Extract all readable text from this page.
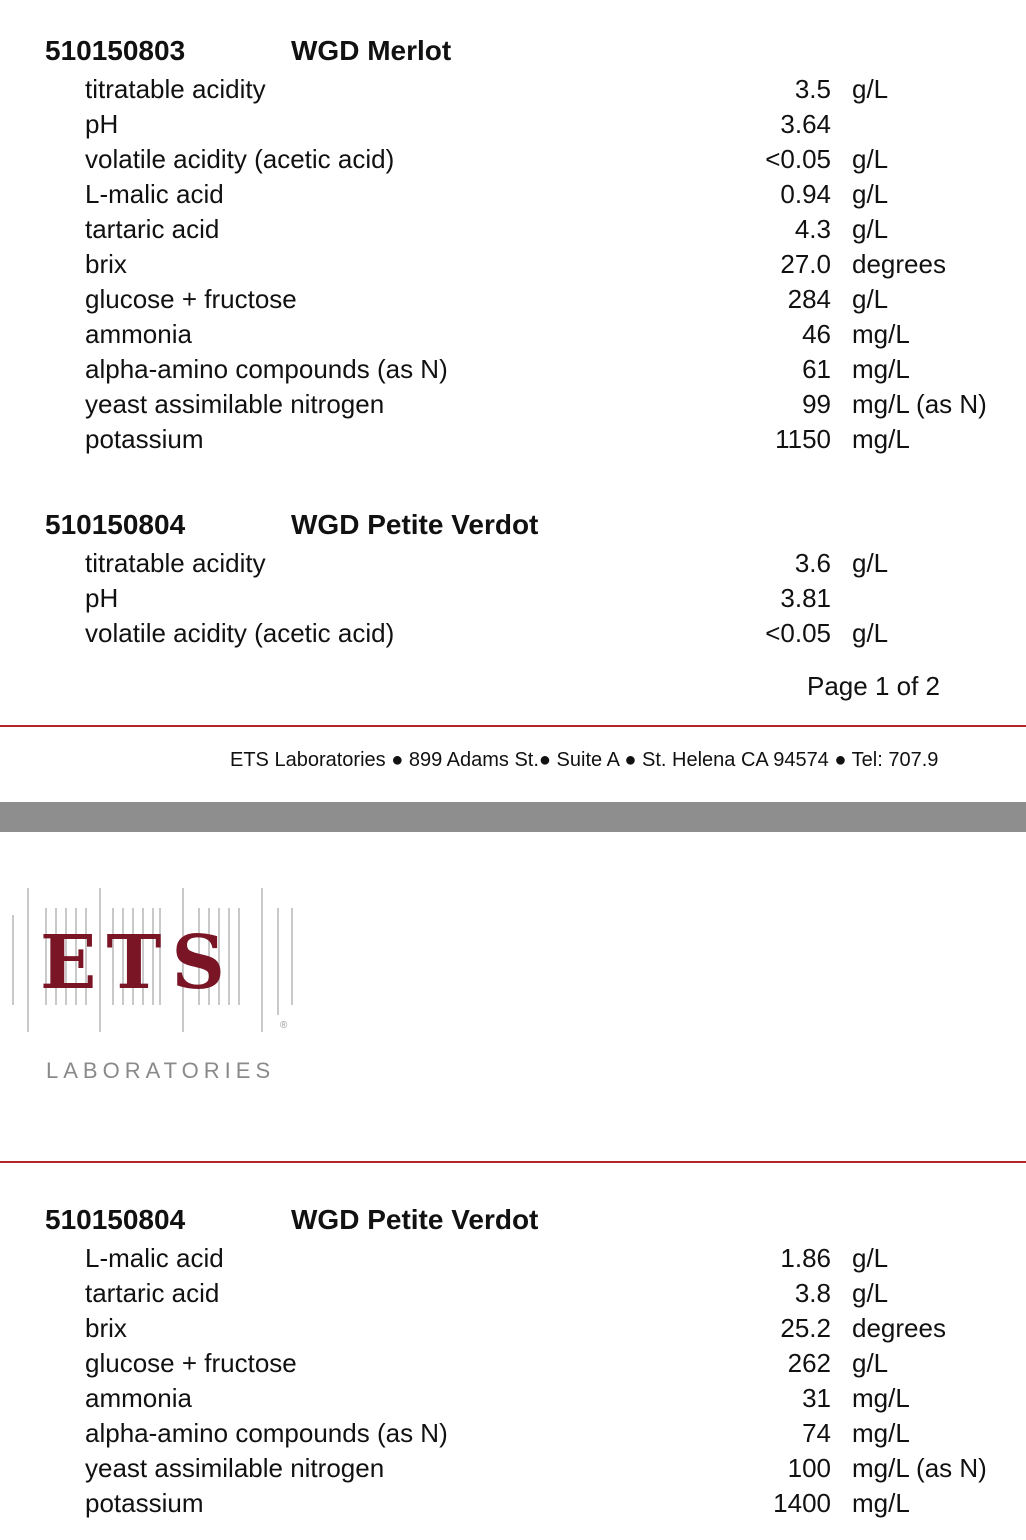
510150803	WGD Merlot
titratable acidity	3.5 g/L
pH	3.64
volatile acidity (acetic acid)	<0.05 g/L
L-malic acid	0.94 g/L
tartaric acid	4.3 g/L
brix	27.0 degrees
glucose + fructose	284 g/L
ammonia	46 mg/L
alpha-amino compounds (as N)	61 mg/L
yeast assimilable nitrogen	99 mg/L (as N)
potassium	1150 mg/L
510150804	WGD Petite Verdot
titratable acidity	3.6 g/L
pH	3.81
volatile acidity (acetic acid)	<0.05 g/L
Page 1 of 2
ETS Laboratories ● 899 Adams St.● Suite A ● St. Helena CA 94574 ● Tel: 707.9
ETS
®
LABORATORIES
510150804	WGD Petite Verdot
L-malic acid	1.86 g/L
tartaric acid	3.8 g/L
brix	25.2 degrees
glucose + fructose	262 g/L
ammonia	31 mg/L
alpha-amino compounds (as N)	74 mg/L
yeast assimilable nitrogen	100 mg/L (as N)
potassium	1400 mg/L
